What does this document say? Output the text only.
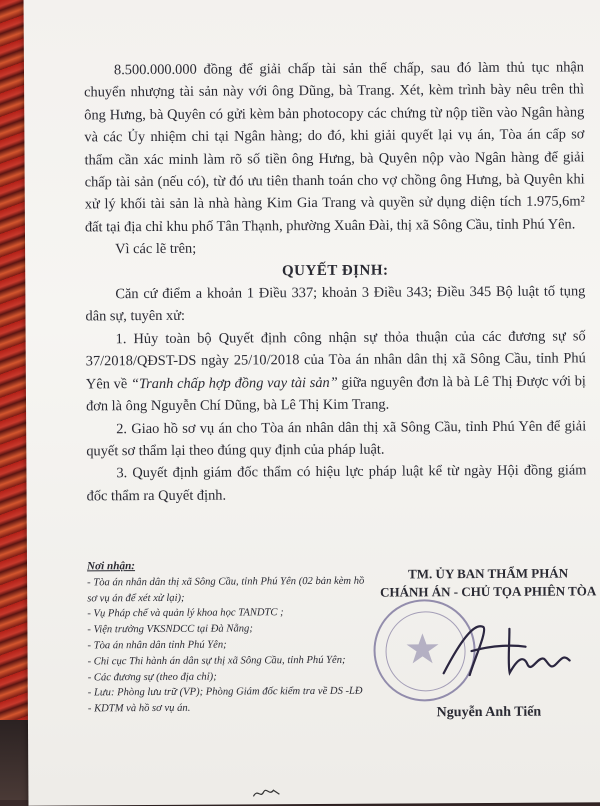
8.500.000.000 đồng để giải chấp tài sản thế chấp, sau đó làm thủ tục nhận chuyển nhượng tài sản này với ông Dũng, bà Trang. Xét, kèm trình bày nêu trên thì ông Hưng, bà Quyên có gửi kèm bản photocopy các chứng từ nộp tiền vào Ngân hàng và các Ủy nhiệm chi tại Ngân hàng; do đó, khi giải quyết lại vụ án, Tòa án cấp sơ thẩm cần xác minh làm rõ số tiền ông Hưng, bà Quyên nộp vào Ngân hàng để giải chấp tài sản (nếu có), từ đó ưu tiên thanh toán cho vợ chồng ông Hưng, bà Quyên khi xử lý khối tài sản là nhà hàng Kim Gia Trang và quyền sử dụng diện tích 1.975,6m² đất tại địa chỉ khu phố Tân Thạnh, phường Xuân Đài, thị xã Sông Cầu, tỉnh Phú Yên.

Vì các lẽ trên;

QUYẾT ĐỊNH:

Căn cứ điểm a khoản 1 Điều 337; khoản 3 Điều 343; Điều 345 Bộ luật tố tụng dân sự, tuyên xử:

1. Hủy toàn bộ Quyết định công nhận sự thỏa thuận của các đương sự số 37/2018/QĐST-DS ngày 25/10/2018 của Tòa án nhân dân thị xã Sông Cầu, tỉnh Phú Yên về “Tranh chấp hợp đồng vay tài sản” giữa nguyên đơn là bà Lê Thị Được với bị đơn là ông Nguyễn Chí Dũng, bà Lê Thị Kim Trang.

2. Giao hồ sơ vụ án cho Tòa án nhân dân thị xã Sông Cầu, tỉnh Phú Yên để giải quyết sơ thẩm lại theo đúng quy định của pháp luật.

3. Quyết định giám đốc thẩm có hiệu lực pháp luật kể từ ngày Hội đồng giám đốc thẩm ra Quyết định.

Nơi nhận:
- Tòa án nhân dân thị xã Sông Cầu, tỉnh Phú Yên (02 bản kèm hồ sơ vụ án để xét xử lại);
- Vụ Pháp chế và quản lý khoa học TANDTC ;
- Viện trưởng VKSNDCC tại Đà Nẵng;
- Tòa án nhân dân tỉnh Phú Yên;
- Chi cục Thi hành án dân sự thị xã Sông Cầu, tỉnh Phú Yên;
- Các đương sự (theo địa chỉ);
- Lưu: Phòng lưu trữ (VP); Phòng Giám đốc kiểm tra về DS -LĐ - KDTM và hồ sơ vụ án.
TM. ỦY BAN THẨM PHÁN
CHÁNH ÁN - CHỦ TỌA PHIÊN TÒA
Nguyễn Anh Tiến
